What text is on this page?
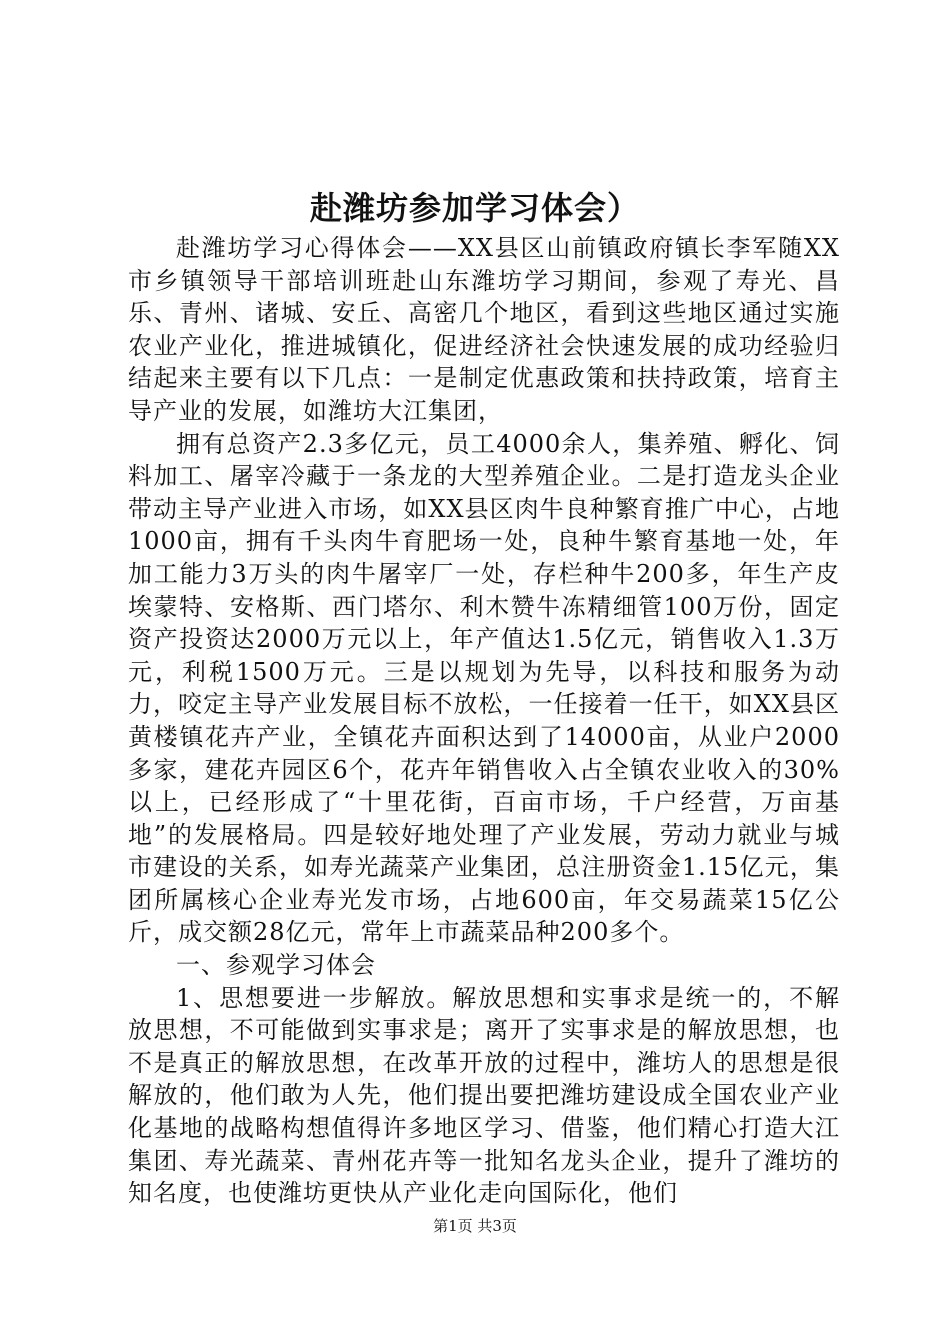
赴潍坊参加学习体会）

赴潍坊学习心得体会——XX县区山前镇政府镇长李军随XX市乡镇领导干部培训班赴山东潍坊学习期间，参观了寿光、昌乐、青州、诸城、安丘、高密几个地区，看到这些地区通过实施农业产业化，推进城镇化，促进经济社会快速发展的成功经验归结起来主要有以下几点：一是制定优惠政策和扶持政策，培育主导产业的发展，如潍坊大江集团，

拥有总资产2.3多亿元，员工4000余人，集养殖、孵化、饲料加工、屠宰冷藏于一条龙的大型养殖企业。二是打造龙头企业带动主导产业进入市场，如XX县区肉牛良种繁育推广中心，占地1000亩，拥有千头肉牛育肥场一处，良种牛繁育基地一处，年加工能力3万头的肉牛屠宰厂一处，存栏种牛200多，年生产皮埃蒙特、安格斯、西门塔尔、利木赞牛冻精细管100万份，固定资产投资达2000万元以上，年产值达1.5亿元，销售收入1.3万元，利税1500万元。三是以规划为先导，以科技和服务为动力，咬定主导产业发展目标不放松，一任接着一任干，如XX县区黄楼镇花卉产业，全镇花卉面积达到了14000亩，从业户2000多家，建花卉园区6个，花卉年销售收入占全镇农业收入的30%以上，已经形成了“十里花街，百亩市场，千户经营，万亩基地”的发展格局。四是较好地处理了产业发展，劳动力就业与城市建设的关系，如寿光蔬菜产业集团，总注册资金1.15亿元，集团所属核心企业寿光发市场，占地600亩，年交易蔬菜15亿公斤，成交额28亿元，常年上市蔬菜品种200多个。

一、参观学习体会

1、思想要进一步解放。解放思想和实事求是统一的，不解放思想，不可能做到实事求是；离开了实事求是的解放思想，也不是真正的解放思想，在改革开放的过程中，潍坊人的思想是很解放的，他们敢为人先，他们提出要把潍坊建设成全国农业产业化基地的战略构想值得许多地区学习、借鉴，他们精心打造大江集团、寿光蔬菜、青州花卉等一批知名龙头企业，提升了潍坊的知名度，也使潍坊更快从产业化走向国际化，他们

第1页 共3页
